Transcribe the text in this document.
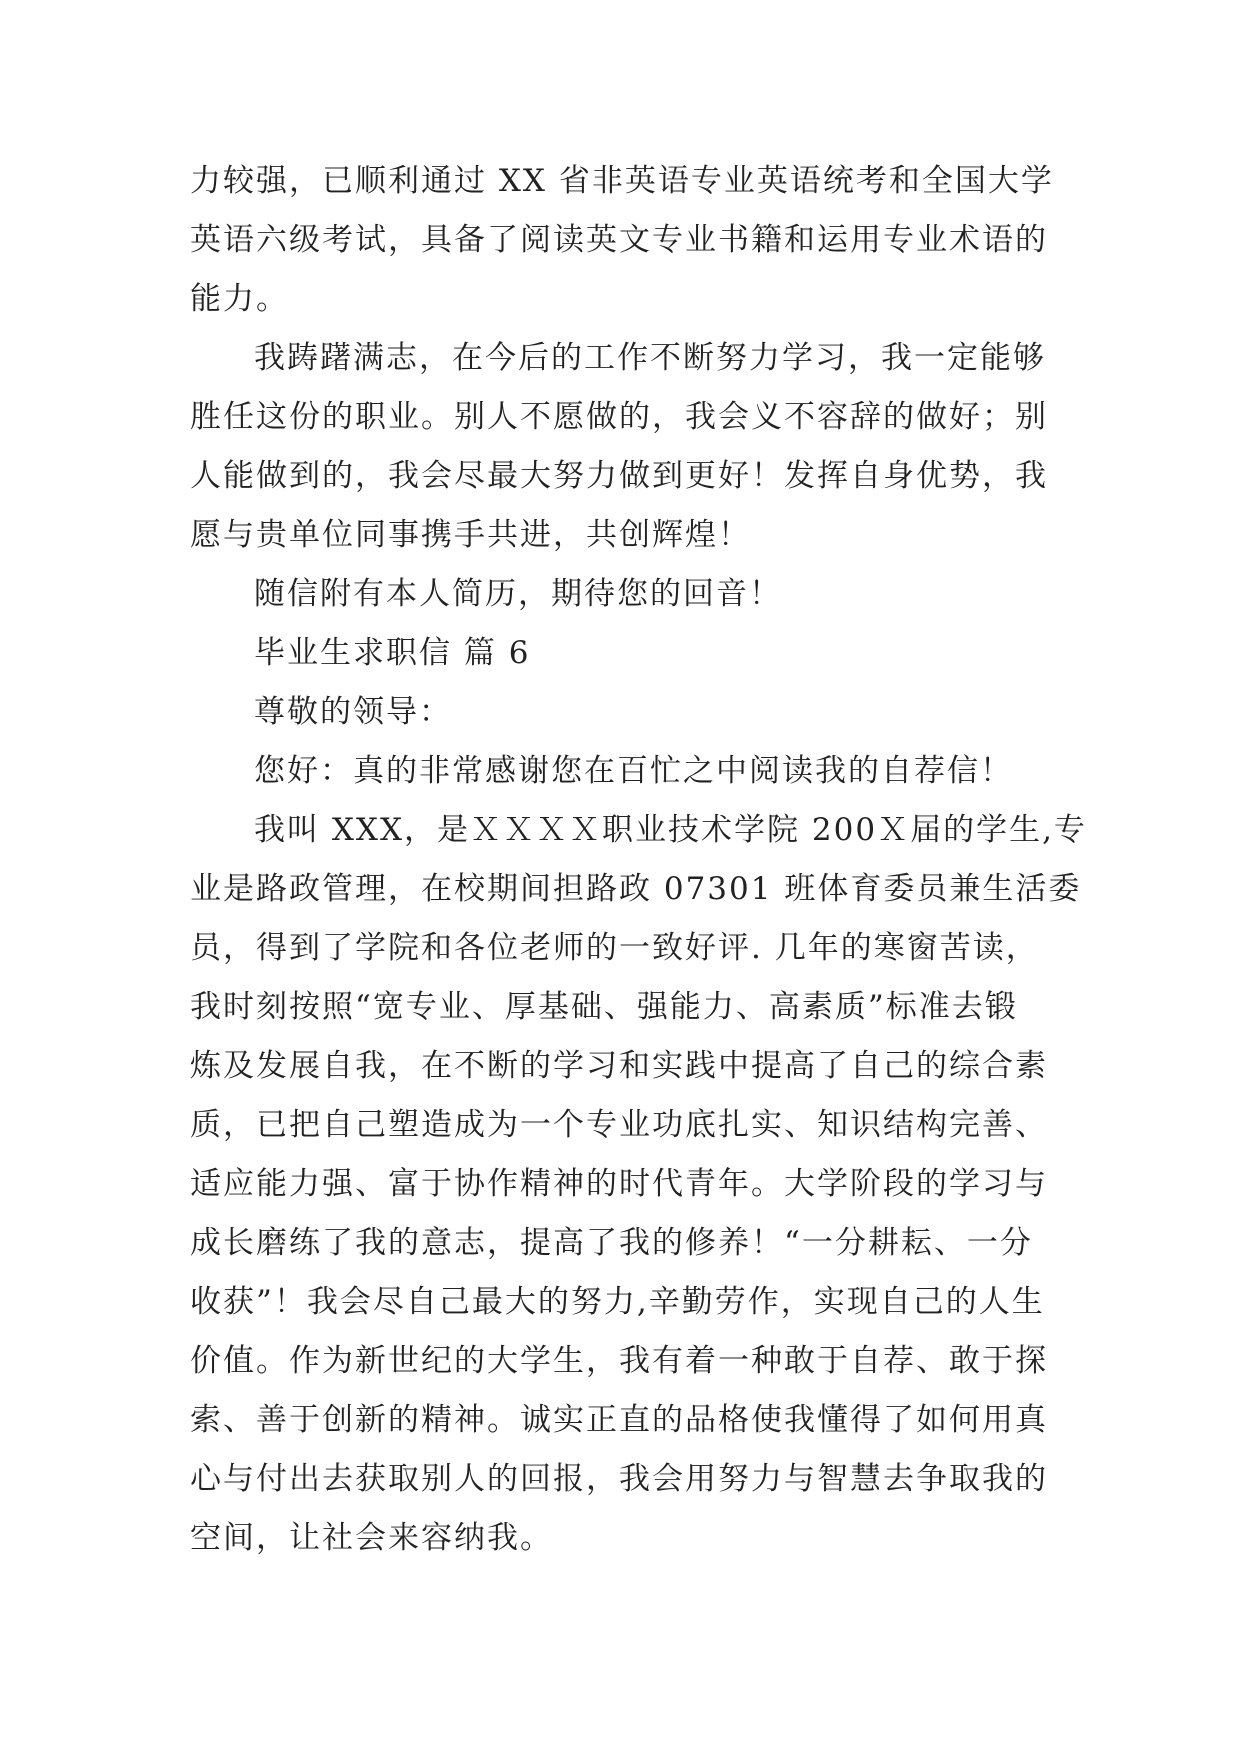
力较强，已顺利通过 XX 省非英语专业英语统考和全国大学
英语六级考试，具备了阅读英文专业书籍和运用专业术语的
能力。
我踌躇满志，在今后的工作不断努力学习，我一定能够
胜任这份的职业。别人不愿做的，我会义不容辞的做好；别
人能做到的，我会尽最大努力做到更好！发挥自身优势，我
愿与贵单位同事携手共进，共创辉煌！
随信附有本人简历，期待您的回音！
毕业生求职信 篇 6
尊敬的领导：
您好：真的非常感谢您在百忙之中阅读我的自荐信！
我叫 XXX，是ＸＸＸＸ职业技术学院 200Ｘ届的学生,专
业是路政管理，在校期间担路政 07301 班体育委员兼生活委
员，得到了学院和各位老师的一致好评. 几年的寒窗苦读，
我时刻按照“宽专业、厚基础、强能力、高素质”标准去锻
炼及发展自我，在不断的学习和实践中提高了自己的综合素
质，已把自己塑造成为一个专业功底扎实、知识结构完善、
适应能力强、富于协作精神的时代青年。大学阶段的学习与
成长磨练了我的意志，提高了我的修养！“一分耕耘、一分
收获”！我会尽自己最大的努力,辛勤劳作，实现自己的人生
价值。作为新世纪的大学生，我有着一种敢于自荐、敢于探
索、善于创新的精神。诚实正直的品格使我懂得了如何用真
心与付出去获取别人的回报，我会用努力与智慧去争取我的
空间，让社会来容纳我。
